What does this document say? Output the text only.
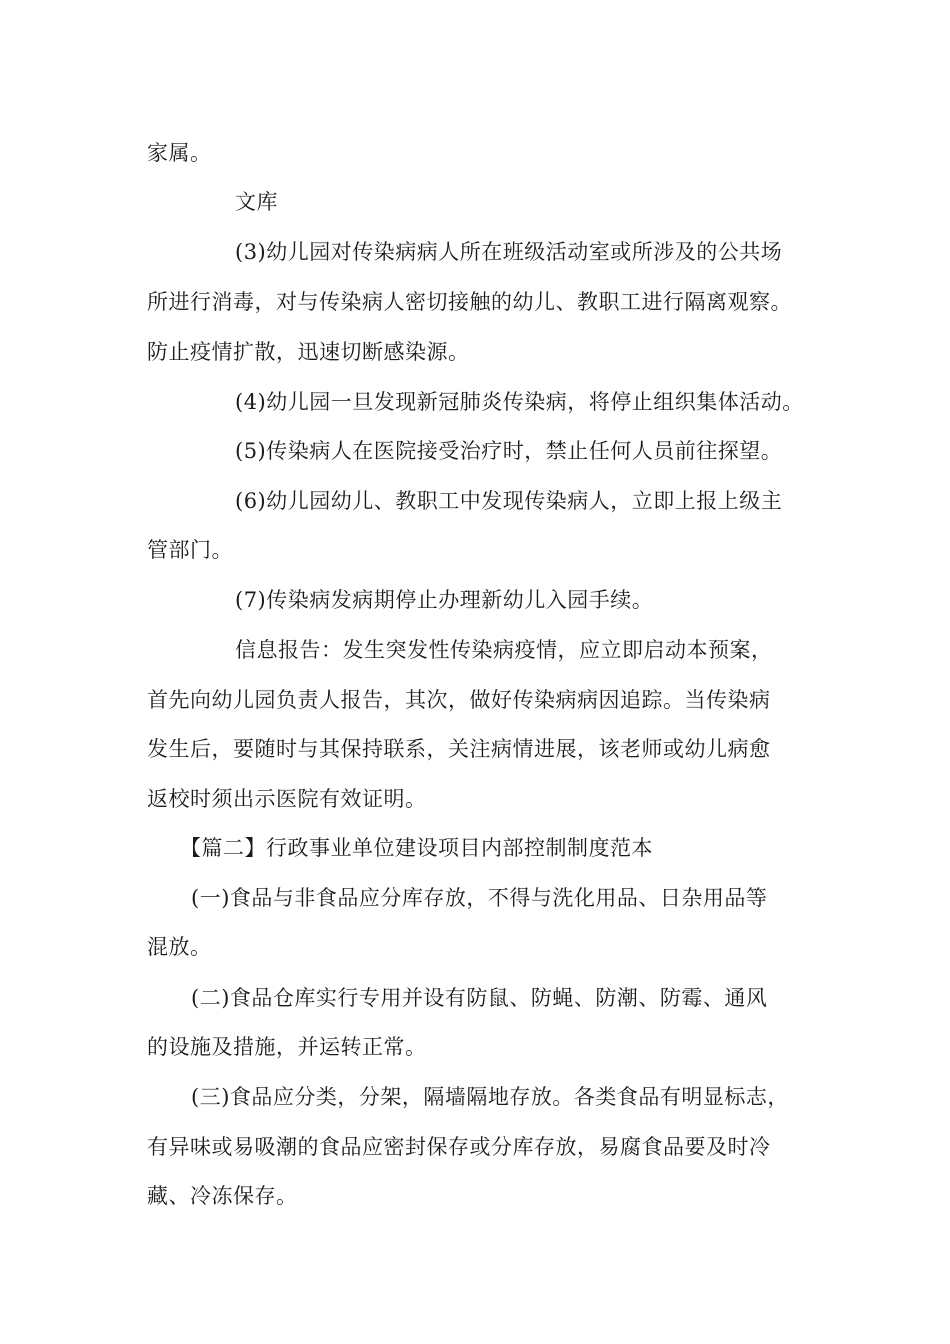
家属。
文库
(3)幼儿园对传染病病人所在班级活动室或所涉及的公共场
所进行消毒，对与传染病人密切接触的幼儿、教职工进行隔离观察。
防止疫情扩散，迅速切断感染源。
(4)幼儿园一旦发现新冠肺炎传染病，将停止组织集体活动。
(5)传染病人在医院接受治疗时，禁止任何人员前往探望。
(6)幼儿园幼儿、教职工中发现传染病人，立即上报上级主
管部门。
(7)传染病发病期停止办理新幼儿入园手续。
信息报告：发生突发性传染病疫情，应立即启动本预案，
首先向幼儿园负责人报告，其次，做好传染病病因追踪。当传染病
发生后，要随时与其保持联系，关注病情进展，该老师或幼儿病愈
返校时须出示医院有效证明。
【篇二】行政事业单位建设项目内部控制制度范本
(一)食品与非食品应分库存放，不得与洗化用品、日杂用品等
混放。
(二)食品仓库实行专用并设有防鼠、防蝇、防潮、防霉、通风
的设施及措施，并运转正常。
(三)食品应分类，分架，隔墙隔地存放。各类食品有明显标志，
有异味或易吸潮的食品应密封保存或分库存放，易腐食品要及时冷
藏、冷冻保存。
